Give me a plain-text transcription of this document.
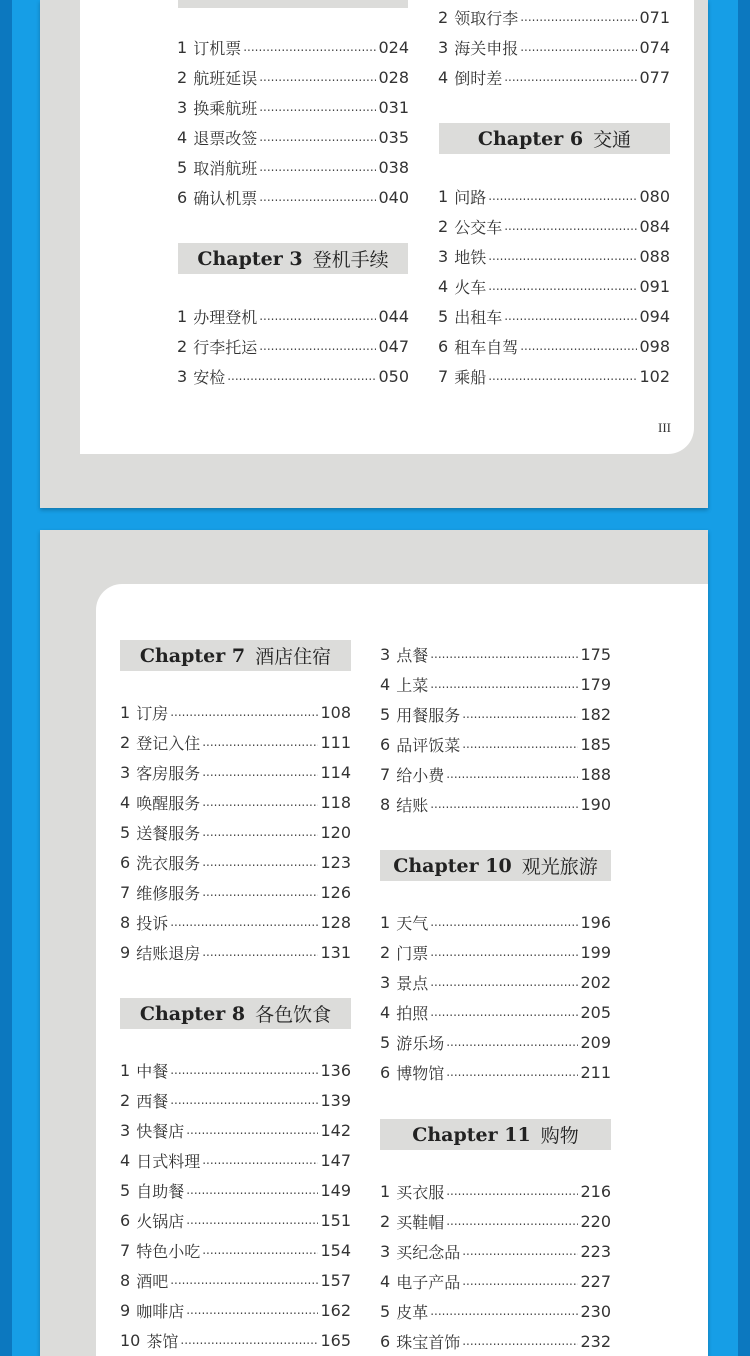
1 订机票 .....	024
2 航班延误 .....	028
3 换乘航班 .....	031
4 退票改签 .....	035
5 取消航班 .....	038
6 确认机票 .....	040
Chapter 3 登机手续
1 办理登机 .....	044
2 行李托运 .....	047
3 安检 .....	050
2 领取行李 .....	071
3 海关申报 .....	074
4 倒时差 .....	077
Chapter 6 交通
1 问路 .....	080
2 公交车 .....	084
3 地铁 .....	088
4 火车 .....	091
5 出租车 .....	094
6 租车自驾 .....	098
7 乘船 .....	102
III
Chapter 7 酒店住宿
1 订房 .....	108
2 登记入住 .....	111
3 客房服务 .....	114
4 唤醒服务 .....	118
5 送餐服务 .....	120
6 洗衣服务 .....	123
7 维修服务 .....	126
8 投诉 .....	128
9 结账退房 .....	131
Chapter 8 各色饮食
1 中餐 .....	136
2 西餐 .....	139
3 快餐店 .....	142
4 日式料理 .....	147
5 自助餐 .....	149
6 火锅店 .....	151
7 特色小吃 .....	154
8 酒吧 .....	157
9 咖啡店 .....	162
10 茶馆 .....	165
3 点餐 .....	175
4 上菜 .....	179
5 用餐服务 .....	182
6 品评饭菜 .....	185
7 给小费 .....	188
8 结账 .....	190
Chapter 10 观光旅游
1 天气 .....	196
2 门票 .....	199
3 景点 .....	202
4 拍照 .....	205
5 游乐场 .....	209
6 博物馆 .....	211
Chapter 11 购物
1 买衣服 .....	216
2 买鞋帽 .....	220
3 买纪念品 .....	223
4 电子产品 .....	227
5 皮革 .....	230
6 珠宝首饰 .....	232
